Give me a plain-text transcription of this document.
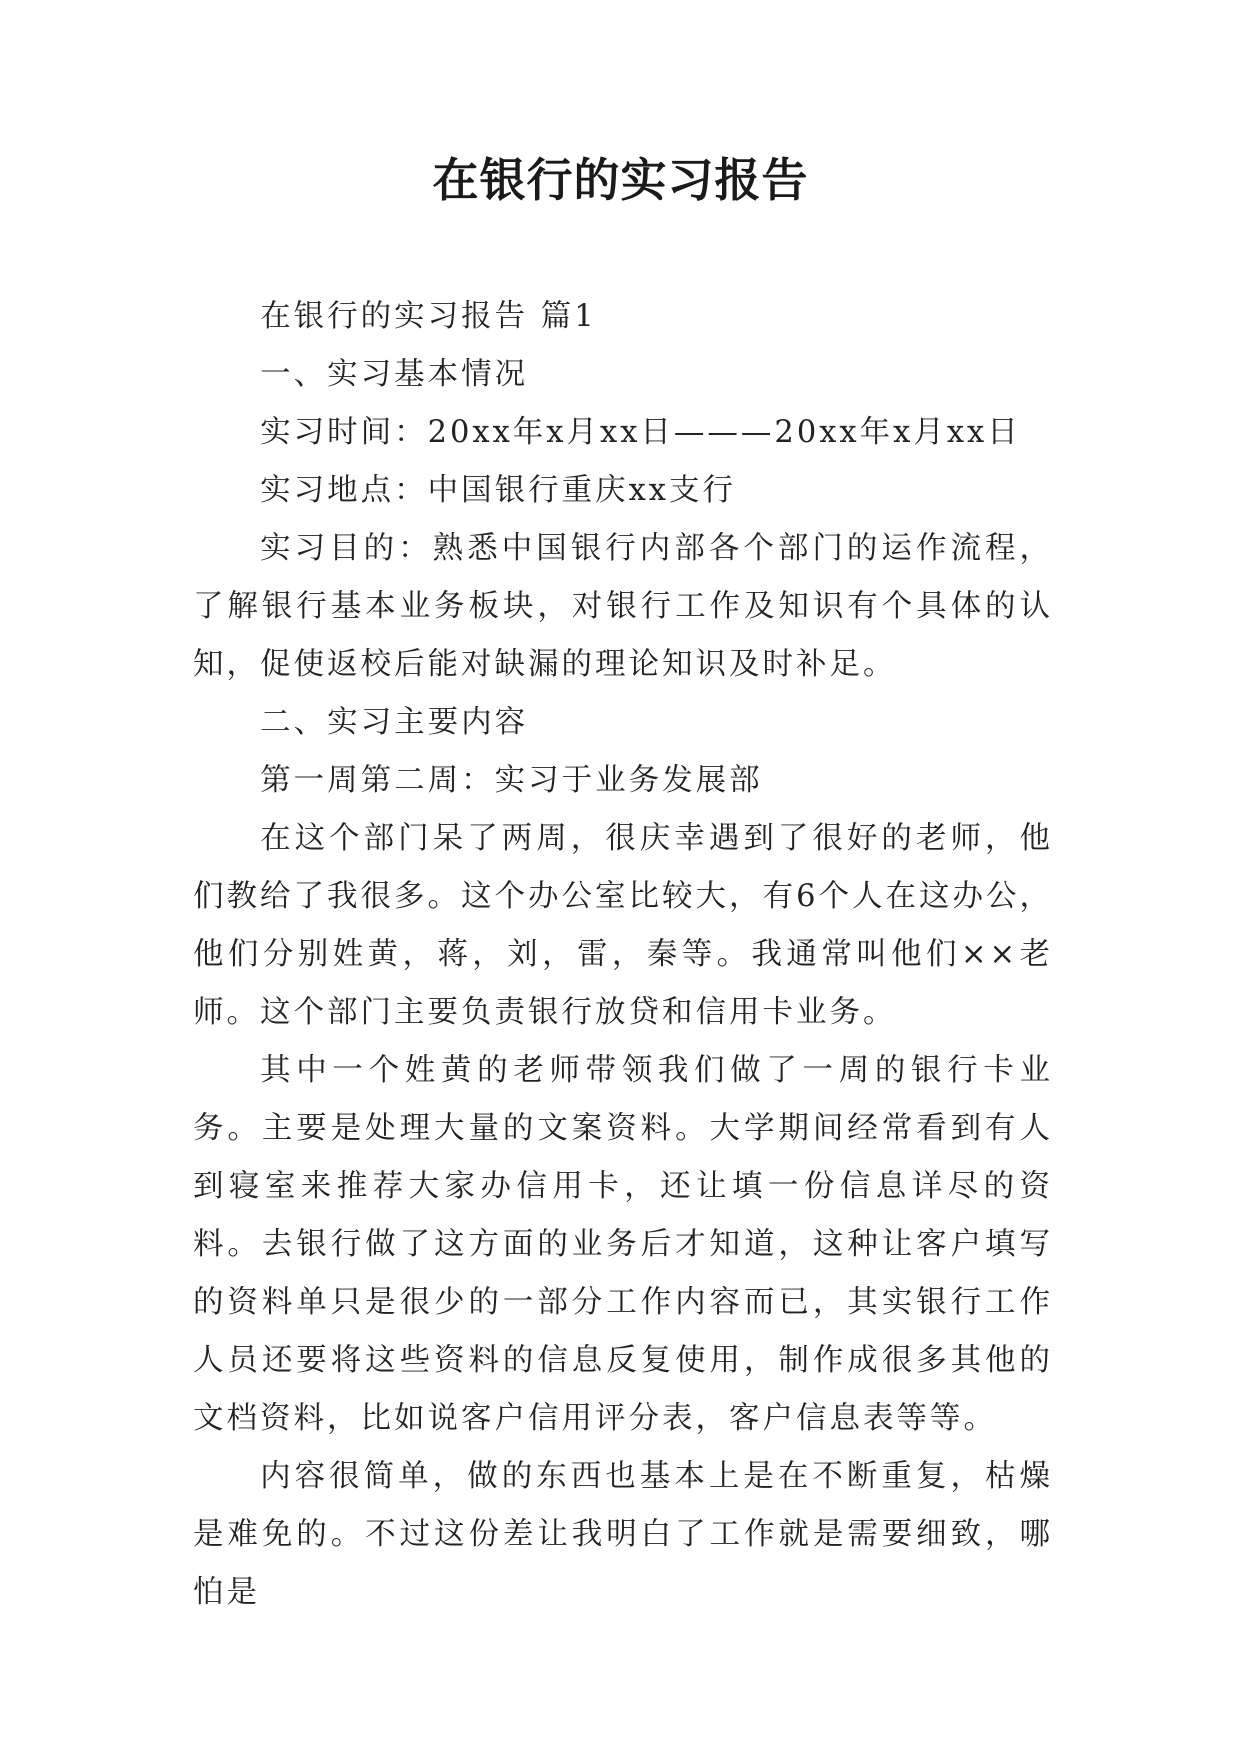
在银行的实习报告

在银行的实习报告 篇1

一、实习基本情况

实习时间：20xx年x月xx日———20xx年x月xx日

实习地点：中国银行重庆xx支行

实习目的：熟悉中国银行内部各个部门的运作流程，了解银行基本业务板块，对银行工作及知识有个具体的认知，促使返校后能对缺漏的理论知识及时补足。

二、实习主要内容

第一周第二周：实习于业务发展部

在这个部门呆了两周，很庆幸遇到了很好的老师，他们教给了我很多。这个办公室比较大，有6个人在这办公，他们分别姓黄，蒋，刘，雷，秦等。我通常叫他们××老师。这个部门主要负责银行放贷和信用卡业务。

其中一个姓黄的老师带领我们做了一周的银行卡业务。主要是处理大量的文案资料。大学期间经常看到有人到寝室来推荐大家办信用卡，还让填一份信息详尽的资料。去银行做了这方面的业务后才知道，这种让客户填写的资料单只是很少的一部分工作内容而已，其实银行工作人员还要将这些资料的信息反复使用，制作成很多其他的文档资料，比如说客户信用评分表，客户信息表等等。

内容很简单，做的东西也基本上是在不断重复，枯燥是难免的。不过这份差让我明白了工作就是需要细致，哪怕是
